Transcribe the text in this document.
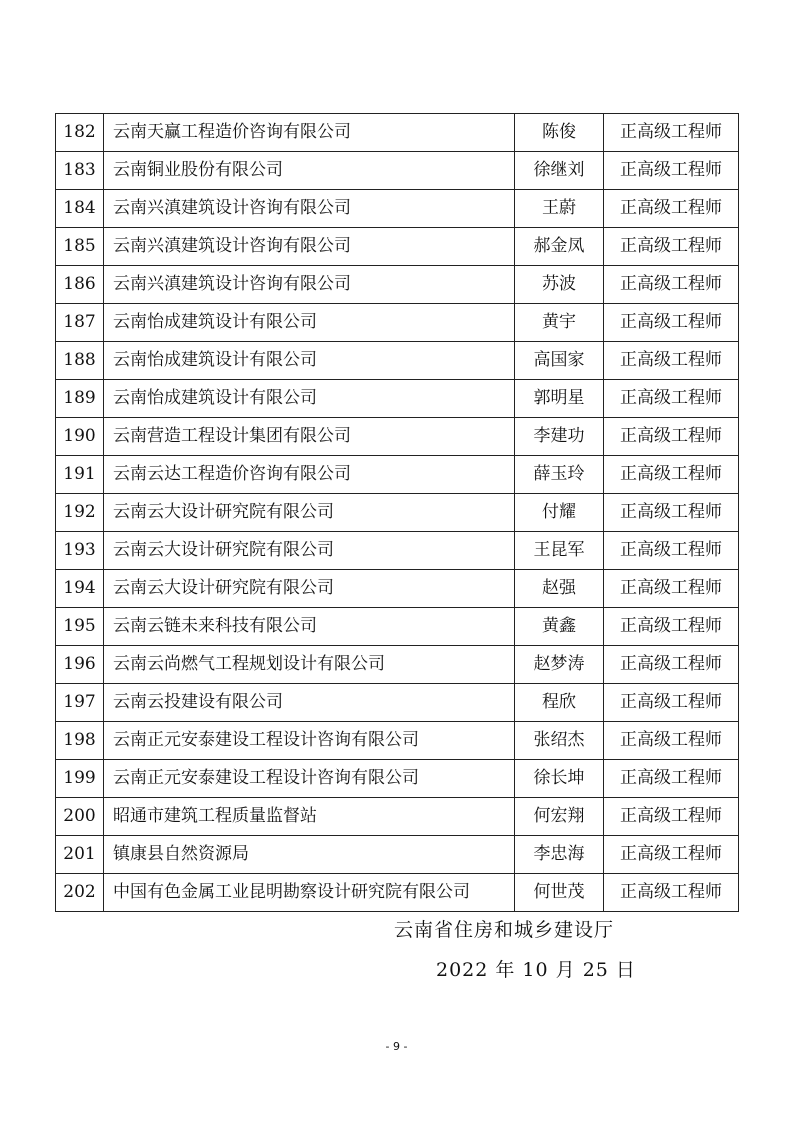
182	云南天赢工程造价咨询有限公司	陈俊	正高级工程师
183	云南铜业股份有限公司	徐继刘	正高级工程师
184	云南兴滇建筑设计咨询有限公司	王蔚	正高级工程师
185	云南兴滇建筑设计咨询有限公司	郝金凤	正高级工程师
186	云南兴滇建筑设计咨询有限公司	苏波	正高级工程师
187	云南怡成建筑设计有限公司	黄宇	正高级工程师
188	云南怡成建筑设计有限公司	高国家	正高级工程师
189	云南怡成建筑设计有限公司	郭明星	正高级工程师
190	云南营造工程设计集团有限公司	李建功	正高级工程师
191	云南云达工程造价咨询有限公司	薛玉玲	正高级工程师
192	云南云大设计研究院有限公司	付耀	正高级工程师
193	云南云大设计研究院有限公司	王昆军	正高级工程师
194	云南云大设计研究院有限公司	赵强	正高级工程师
195	云南云链未来科技有限公司	黄鑫	正高级工程师
196	云南云尚燃气工程规划设计有限公司	赵梦涛	正高级工程师
197	云南云投建设有限公司	程欣	正高级工程师
198	云南正元安泰建设工程设计咨询有限公司	张绍杰	正高级工程师
199	云南正元安泰建设工程设计咨询有限公司	徐长坤	正高级工程师
200	昭通市建筑工程质量监督站	何宏翔	正高级工程师
201	镇康县自然资源局	李忠海	正高级工程师
202	中国有色金属工业昆明勘察设计研究院有限公司	何世茂	正高级工程师
云南省住房和城乡建设厅
2022 年 10 月 25 日
- 9 -
